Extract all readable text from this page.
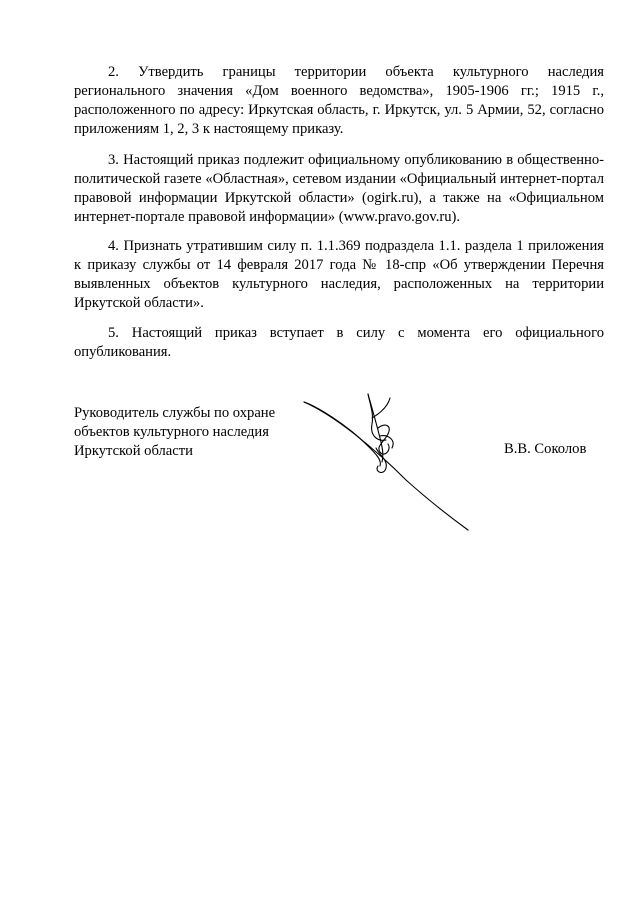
2. Утвердить границы территории объекта культурного наследия регионального значения «Дом военного ведомства», 1905-1906 гг.; 1915 г., расположенного по адресу: Иркутская область, г. Иркутск, ул. 5 Армии, 52, согласно приложениям 1, 2, 3 к настоящему приказу.

3. Настоящий приказ подлежит официальному опубликованию в общественно-политической газете «Областная», сетевом издании «Официальный интернет-портал правовой информации Иркутской области» (ogirk.ru), а также на «Официальном интернет-портале правовой информации» (www.pravo.gov.ru).

4. Признать утратившим силу п. 1.1.369 подраздела 1.1. раздела 1 приложения к приказу службы от 14 февраля 2017 года № 18-спр «Об утверждении Перечня выявленных объектов культурного наследия, расположенных на территории Иркутской области».

5. Настоящий приказ вступает в силу с момента его официального опубликования.

Руководитель службы по охране
объектов культурного наследия
Иркутской области	В.В. Соколов
